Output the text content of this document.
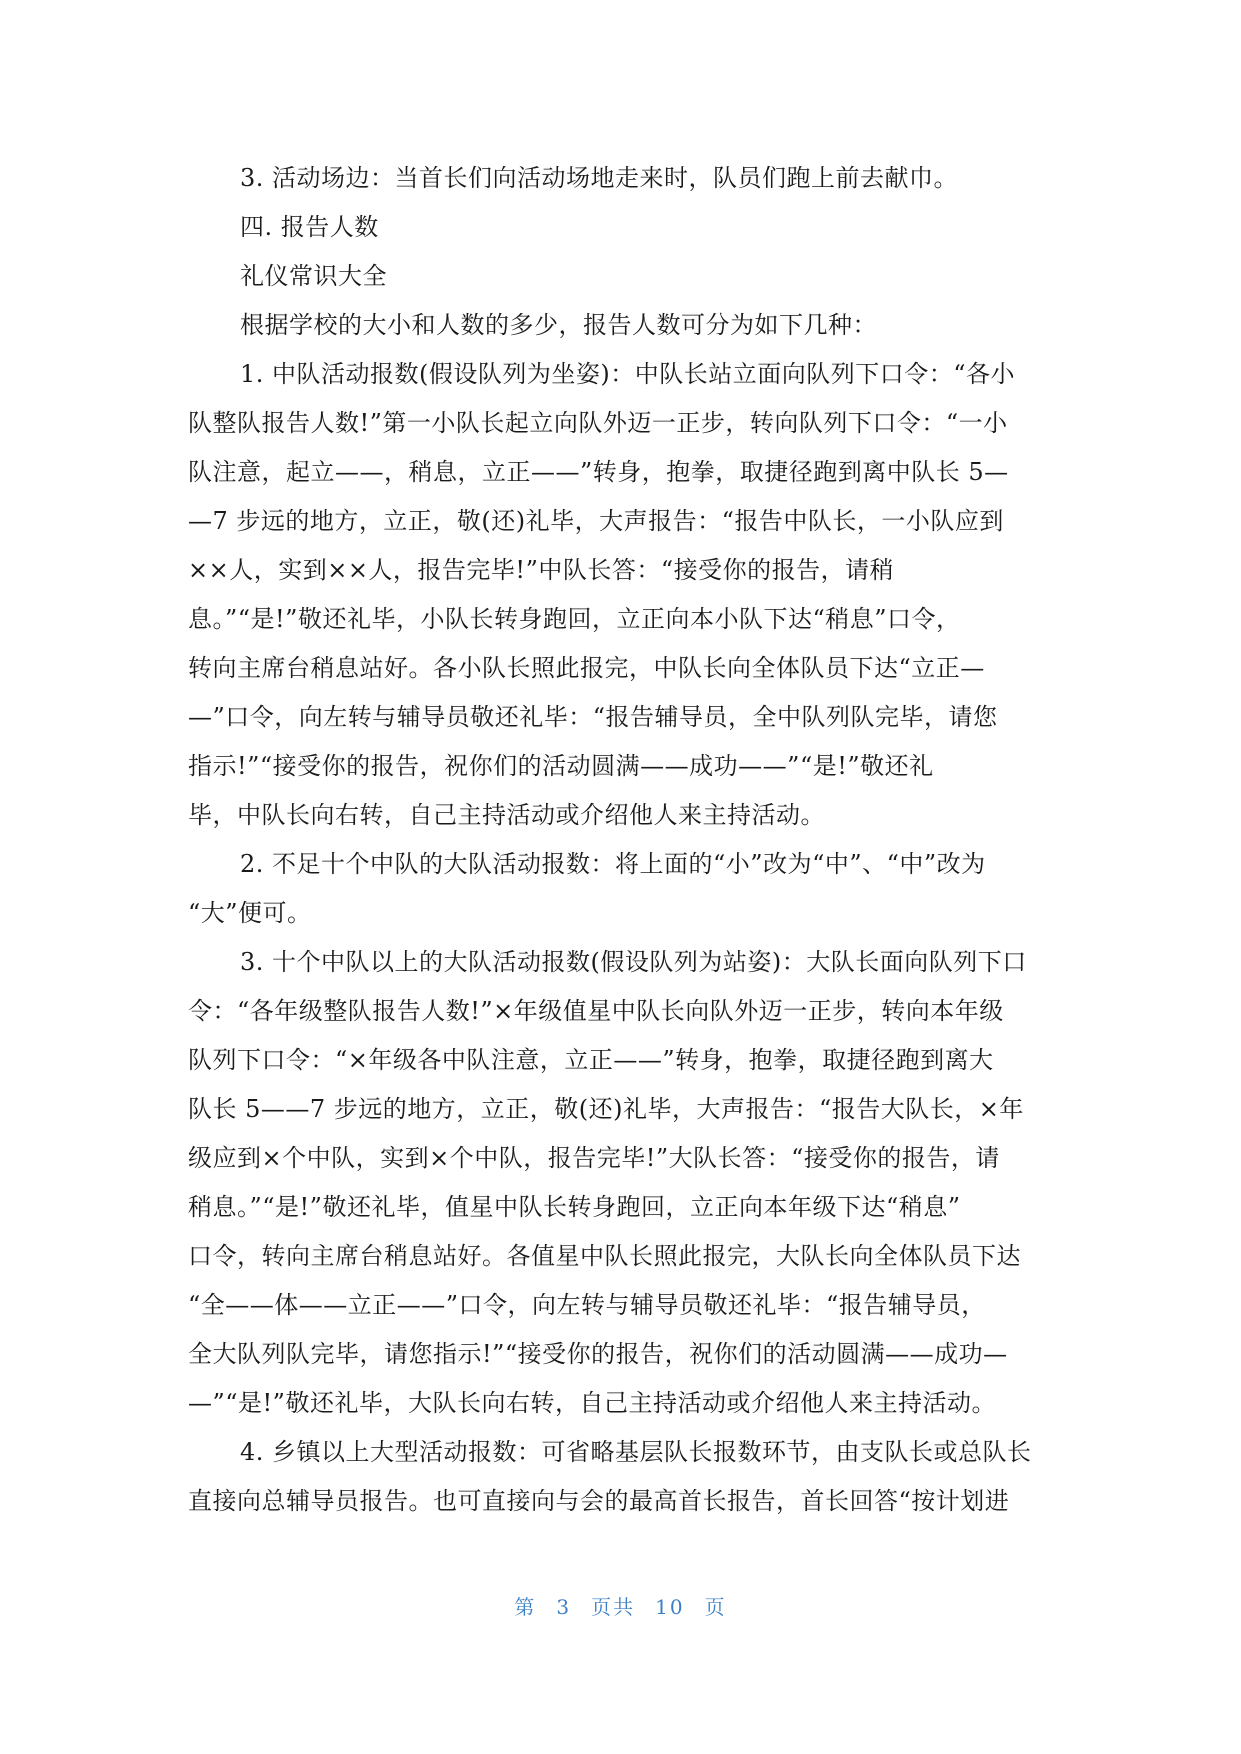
3. 活动场边：当首长们向活动场地走来时，队员们跑上前去献巾。
四. 报告人数
礼仪常识大全
根据学校的大小和人数的多少，报告人数可分为如下几种：
1. 中队活动报数(假设队列为坐姿)：中队长站立面向队列下口令：“各小
队整队报告人数!”第一小队长起立向队外迈一正步，转向队列下口令：“一小
队注意，起立——，稍息，立正——”转身，抱拳，取捷径跑到离中队长 5—
—7 步远的地方，立正，敬(还)礼毕，大声报告：“报告中队长，一小队应到
××人，实到××人，报告完毕!”中队长答：“接受你的报告，请稍
息。”“是!”敬还礼毕，小队长转身跑回，立正向本小队下达“稍息”口令，
转向主席台稍息站好。各小队长照此报完，中队长向全体队员下达“立正—
—”口令，向左转与辅导员敬还礼毕：“报告辅导员，全中队列队完毕，请您
指示!”“接受你的报告，祝你们的活动圆满——成功——”“是!”敬还礼
毕，中队长向右转，自己主持活动或介绍他人来主持活动。
2. 不足十个中队的大队活动报数：将上面的“小”改为“中”、“中”改为
“大”便可。
3. 十个中队以上的大队活动报数(假设队列为站姿)：大队长面向队列下口
令：“各年级整队报告人数!”×年级值星中队长向队外迈一正步，转向本年级
队列下口令：“×年级各中队注意，立正——”转身，抱拳，取捷径跑到离大
队长 5——7 步远的地方，立正，敬(还)礼毕，大声报告：“报告大队长，×年
级应到×个中队，实到×个中队，报告完毕!”大队长答：“接受你的报告，请
稍息。”“是!”敬还礼毕，值星中队长转身跑回，立正向本年级下达“稍息”
口令，转向主席台稍息站好。各值星中队长照此报完，大队长向全体队员下达
“全——体——立正——”口令，向左转与辅导员敬还礼毕：“报告辅导员，
全大队列队完毕，请您指示!”“接受你的报告，祝你们的活动圆满——成功—
—”“是!”敬还礼毕，大队长向右转，自己主持活动或介绍他人来主持活动。
4. 乡镇以上大型活动报数：可省略基层队长报数环节，由支队长或总队长
直接向总辅导员报告。也可直接向与会的最高首长报告，首长回答“按计划进
第 3 页共 10 页
